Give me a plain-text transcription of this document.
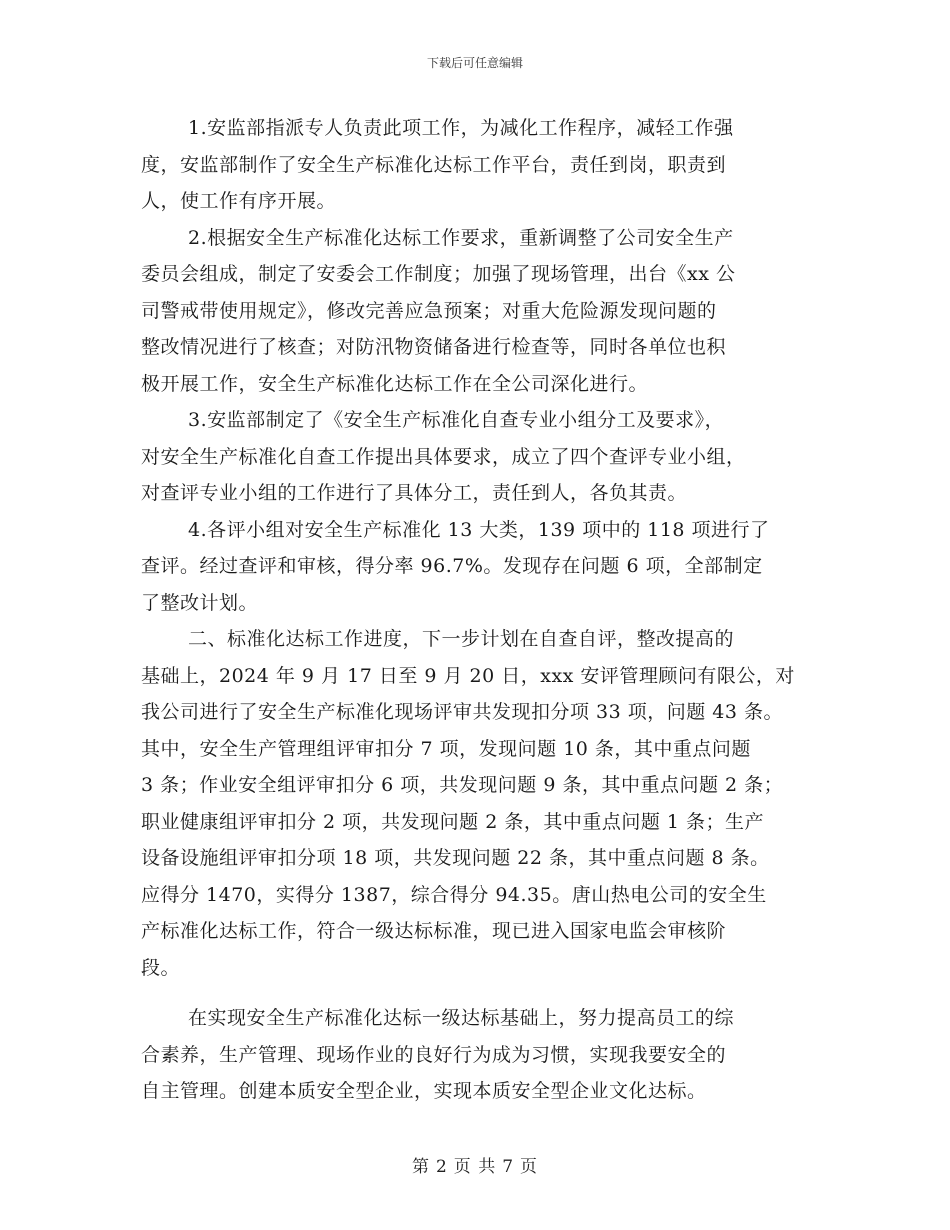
下载后可任意编辑
1.安监部指派专人负责此项工作，为减化工作程序，减轻工作强
度，安监部制作了安全生产标准化达标工作平台，责任到岗，职责到
人，使工作有序开展。
2.根据安全生产标准化达标工作要求，重新调整了公司安全生产
委员会组成，制定了安委会工作制度；加强了现场管理，出台《xx 公
司警戒带使用规定》，修改完善应急预案；对重大危险源发现问题的
整改情况进行了核查；对防汛物资储备进行检查等，同时各单位也积
极开展工作，安全生产标准化达标工作在全公司深化进行。
3.安监部制定了《安全生产标准化自查专业小组分工及要求》，
对安全生产标准化自查工作提出具体要求，成立了四个查评专业小组，
对查评专业小组的工作进行了具体分工，责任到人，各负其责。
4.各评小组对安全生产标准化 13 大类，139 项中的 118 项进行了
查评。经过查评和审核，得分率 96.7%。发现存在问题 6 项，全部制定
了整改计划。
二、标准化达标工作进度，下一步计划在自查自评，整改提高的
基础上，2024 年 9 月 17 日至 9 月 20 日，xxx 安评管理顾问有限公，对
我公司进行了安全生产标准化现场评审共发现扣分项 33 项，问题 43 条。
其中，安全生产管理组评审扣分 7 项，发现问题 10 条，其中重点问题
3 条；作业安全组评审扣分 6 项，共发现问题 9 条，其中重点问题 2 条；
职业健康组评审扣分 2 项，共发现问题 2 条，其中重点问题 1 条；生产
设备设施组评审扣分项 18 项，共发现问题 22 条，其中重点问题 8 条。
应得分 1470，实得分 1387，综合得分 94.35。唐山热电公司的安全生
产标准化达标工作，符合一级达标标准，现已进入国家电监会审核阶
段。
在实现安全生产标准化达标一级达标基础上，努力提高员工的综
合素养，生产管理、现场作业的良好行为成为习惯，实现我要安全的
自主管理。创建本质安全型企业，实现本质安全型企业文化达标。
第 2 页 共 7 页
